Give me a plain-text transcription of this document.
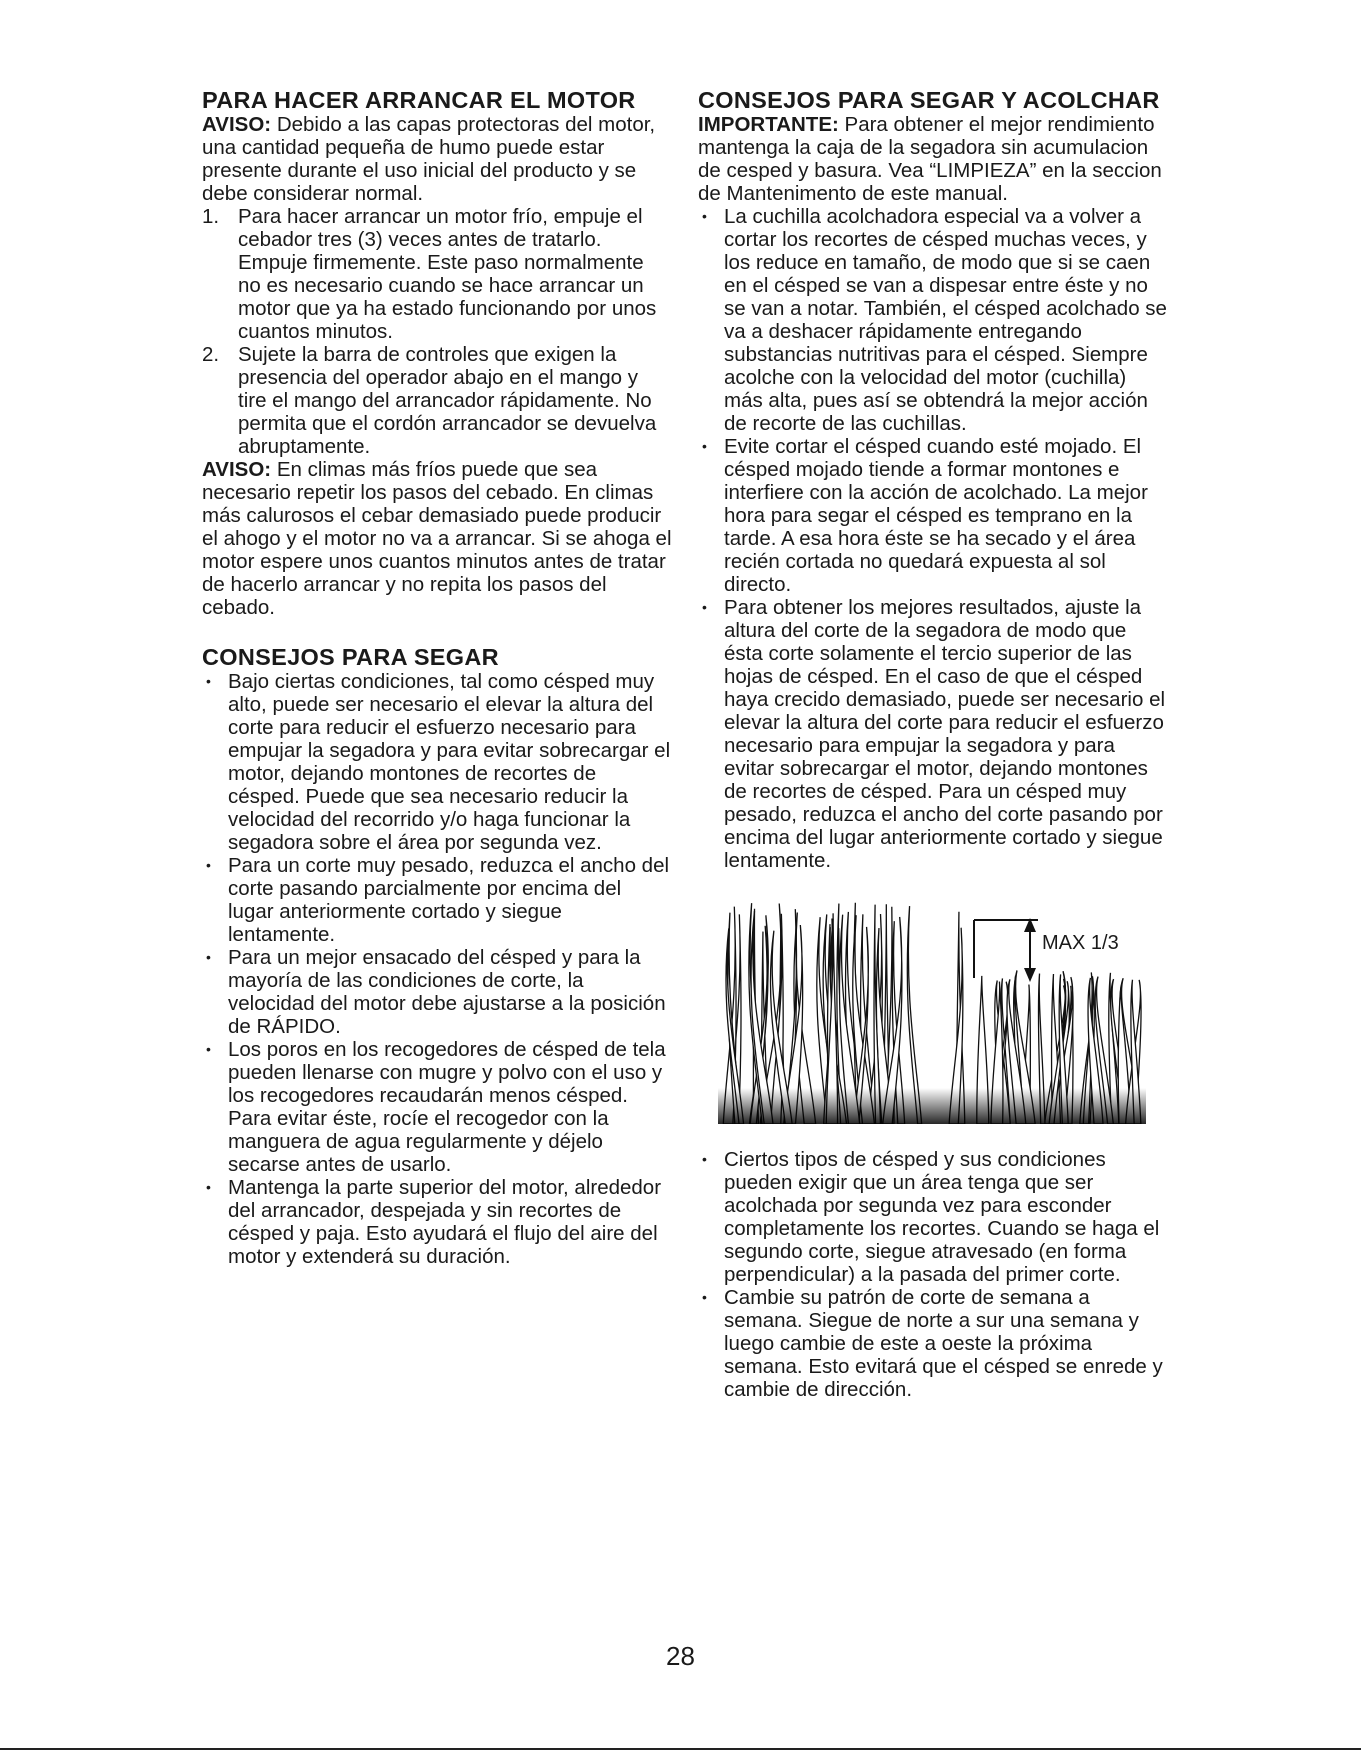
PARA HACER ARRANCAR EL MOTOR

AVISO: Debido a las capas protectoras del motor, una cantidad pequeña de humo puede estar presente durante el uso inicial del producto y se debe considerar normal.

1. Para hacer arrancar un motor frío, empuje el cebador tres (3) veces antes de tratarlo. Empuje firmemente. Este paso normalmente no es necesario cuando se hace arrancar un motor que ya ha estado funcionando por unos cuantos minutos.
2. Sujete la barra de controles que exigen la presencia del operador abajo en el mango y tire el mango del arrancador rápidamente. No permita que el cordón arrancador se devuelva abruptamente.

AVISO: En climas más fríos puede que sea necesario repetir los pasos del cebado. En climas más calurosos el cebar demasiado puede producir el ahogo y el motor no va a arrancar. Si se ahoga el motor espere unos cuantos minutos antes de tratar de hacerlo arrancar y no repita los pasos del cebado.

CONSEJOS PARA SEGAR
• Bajo ciertas condiciones, tal como césped muy alto, puede ser necesario el elevar la altura del corte para reducir el esfuerzo necesario para empujar la segadora y para evitar sobrecargar el motor, dejando montones de recortes de césped. Puede que sea necesario reducir la velocidad del recorrido y/o haga funcionar la segadora sobre el área por segunda vez.
• Para un corte muy pesado, reduzca el ancho del corte pasando parcialmente por encima del lugar anteriormente cortado y siegue lentamente.
• Para un mejor ensacado del césped y para la mayoría de las condiciones de corte, la velocidad del motor debe ajustarse a la posición de RÁPIDO.
• Los poros en los recogedores de césped de tela pueden llenarse con mugre y polvo con el uso y los recogedores recaudarán menos césped. Para evitar éste, rocíe el recogedor con la manguera de agua regularmente y déjelo secarse antes de usarlo.
• Mantenga la parte superior del motor, alrededor del arrancador, despejada y sin recortes de césped y paja. Esto ayudará el flujo del aire del motor y extenderá su duración.
CONSEJOS PARA SEGAR Y ACOLCHAR

IMPORTANTE: Para obtener el mejor rendimiento mantenga la caja de la segadora sin acumulacion de cesped y basura. Vea “LIMPIEZA” en la seccion de Mantenimento de este manual.

• La cuchilla acolchadora especial va a volver a cortar los recortes de césped muchas veces, y los reduce en tamaño, de modo que si se caen en el césped se van a dispesar entre éste y no se van a notar. También, el césped acolchado se va a deshacer rápidamente entregando substancias nutritivas para el césped. Siempre acolche con la velocidad del motor (cuchilla) más alta, pues así se obtendrá la mejor acción de recorte de las cuchillas.
• Evite cortar el césped cuando esté mojado. El césped mojado tiende a formar montones e interfiere con la acción de acolchado. La mejor hora para segar el césped es temprano en la tarde. A esa hora éste se ha secado y el área recién cortada no quedará expuesta al sol directo.
• Para obtener los mejores resultados, ajuste la altura del corte de la segadora de modo que ésta corte solamente el tercio superior de las hojas de césped. En el caso de que el césped haya crecido demasiado, puede ser necesario el elevar la altura del corte para reducir el esfuerzo necesario para empujar la segadora y para evitar sobrecargar el motor, dejando montones de recortes de césped. Para un césped muy pesado, reduzca el ancho del corte pasando por encima del lugar anteriormente cortado y siegue lentamente.
MAX 1/3
• Ciertos tipos de césped y sus condiciones pueden exigir que un área tenga que ser acolchada por segunda vez para esconder completamente los recortes. Cuando se haga el segundo corte, siegue atravesado (en forma perpendicular) a la pasada del primer corte.
• Cambie su patrón de corte de semana a semana. Siegue de norte a sur una semana y luego cambie de este a oeste la próxima semana. Esto evitará que el césped se enrede y cambie de dirección.
28
